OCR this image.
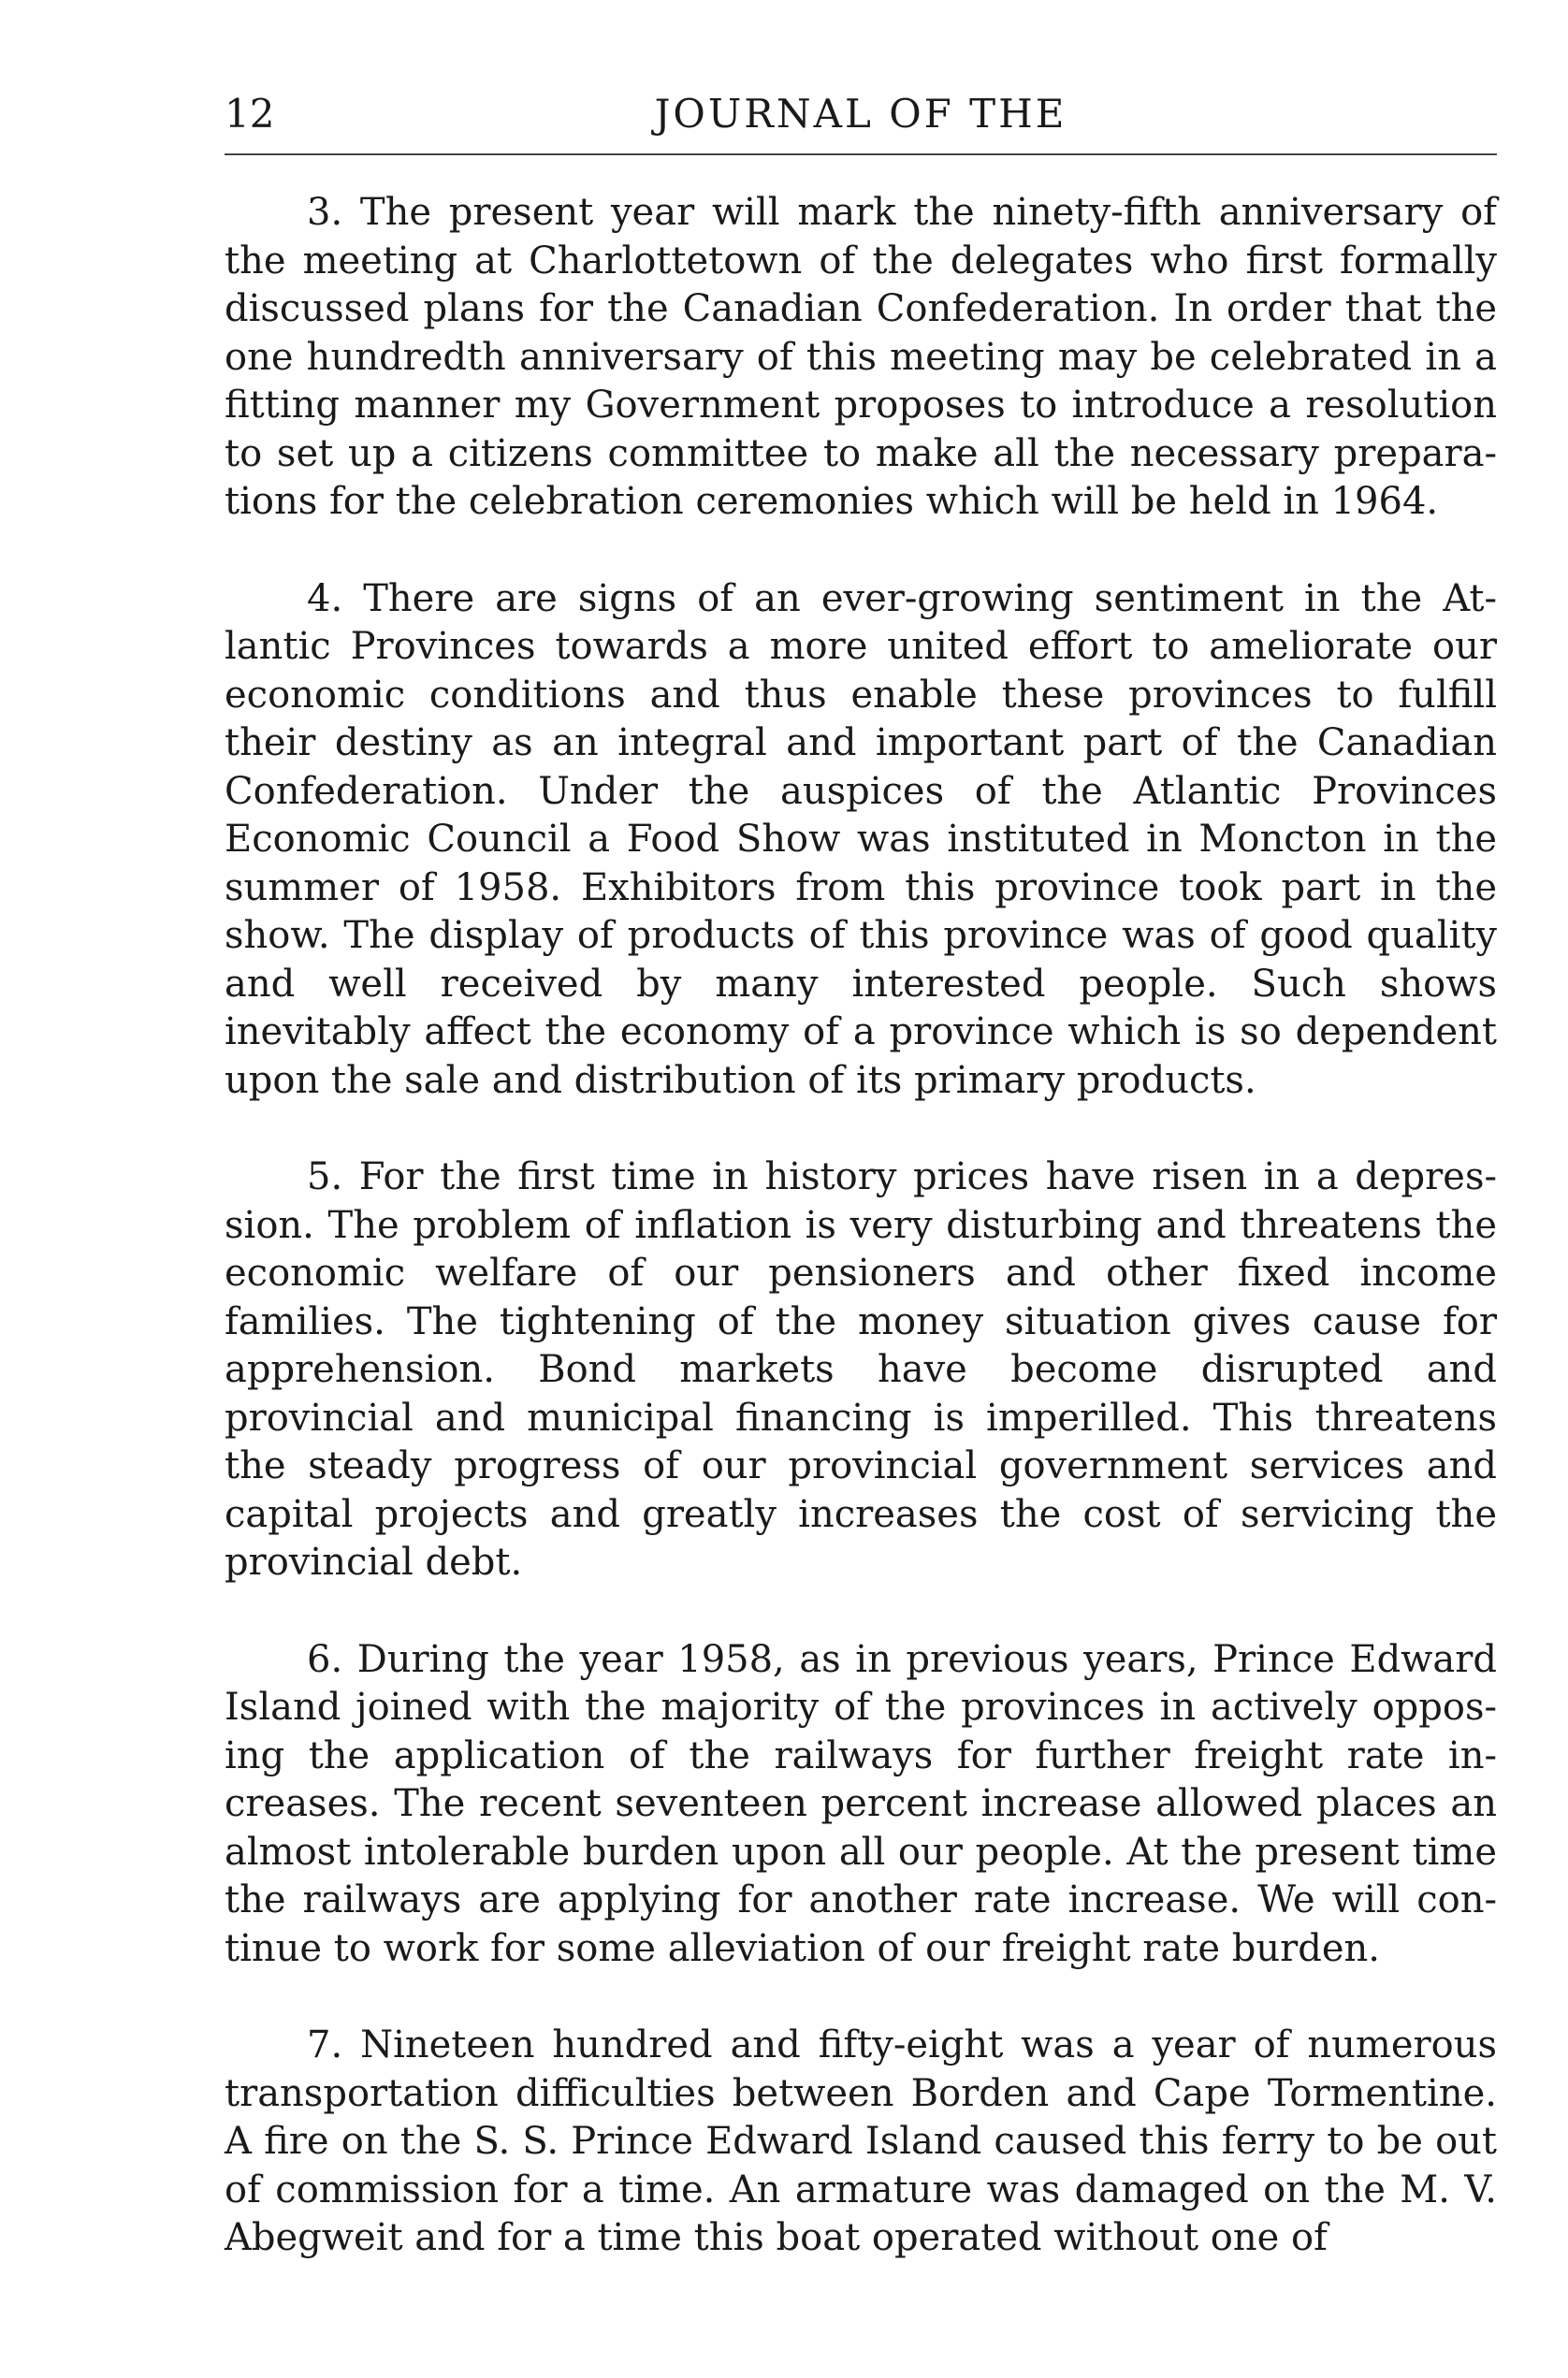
12	JOURNAL OF THE

3. The present year will mark the ninety-fifth anniversary of the meeting at Charlottetown of the delegates who first formally discussed plans for the Canadian Confederation. In order that the one hundredth anniversary of this meeting may be celebrated in a fitting manner my Government proposes to introduce a resolution to set up a citizens committee to make all the necessary preparations for the celebration ceremonies which will be held in 1964.

4. There are signs of an ever-growing sentiment in the Atlantic Provinces towards a more united effort to ameliorate our economic conditions and thus enable these provinces to fulfill their destiny as an integral and important part of the Canadian Confederation. Under the auspices of the Atlantic Provinces Economic Council a Food Show was instituted in Moncton in the summer of 1958. Exhibitors from this province took part in the show. The display of products of this province was of good quality and well received by many interested people. Such shows inevitably affect the economy of a province which is so dependent upon the sale and distribution of its primary products.

5. For the first time in history prices have risen in a depression. The problem of inflation is very disturbing and threatens the economic welfare of our pensioners and other fixed income families. The tightening of the money situation gives cause for apprehension. Bond markets have become disrupted and provincial and municipal financing is imperilled. This threatens the steady progress of our provincial government services and capital projects and greatly increases the cost of servicing the provincial debt.

6. During the year 1958, as in previous years, Prince Edward Island joined with the majority of the provinces in actively opposing the application of the railways for further freight rate increases. The recent seventeen percent increase allowed places an almost intolerable burden upon all our people. At the present time the railways are applying for another rate increase. We will continue to work for some alleviation of our freight rate burden.

7. Nineteen hundred and fifty-eight was a year of numerous transportation difficulties between Borden and Cape Tormentine. A fire on the S. S. Prince Edward Island caused this ferry to be out of commission for a time. An armature was damaged on the M. V. Abegweit and for a time this boat operated without one of
